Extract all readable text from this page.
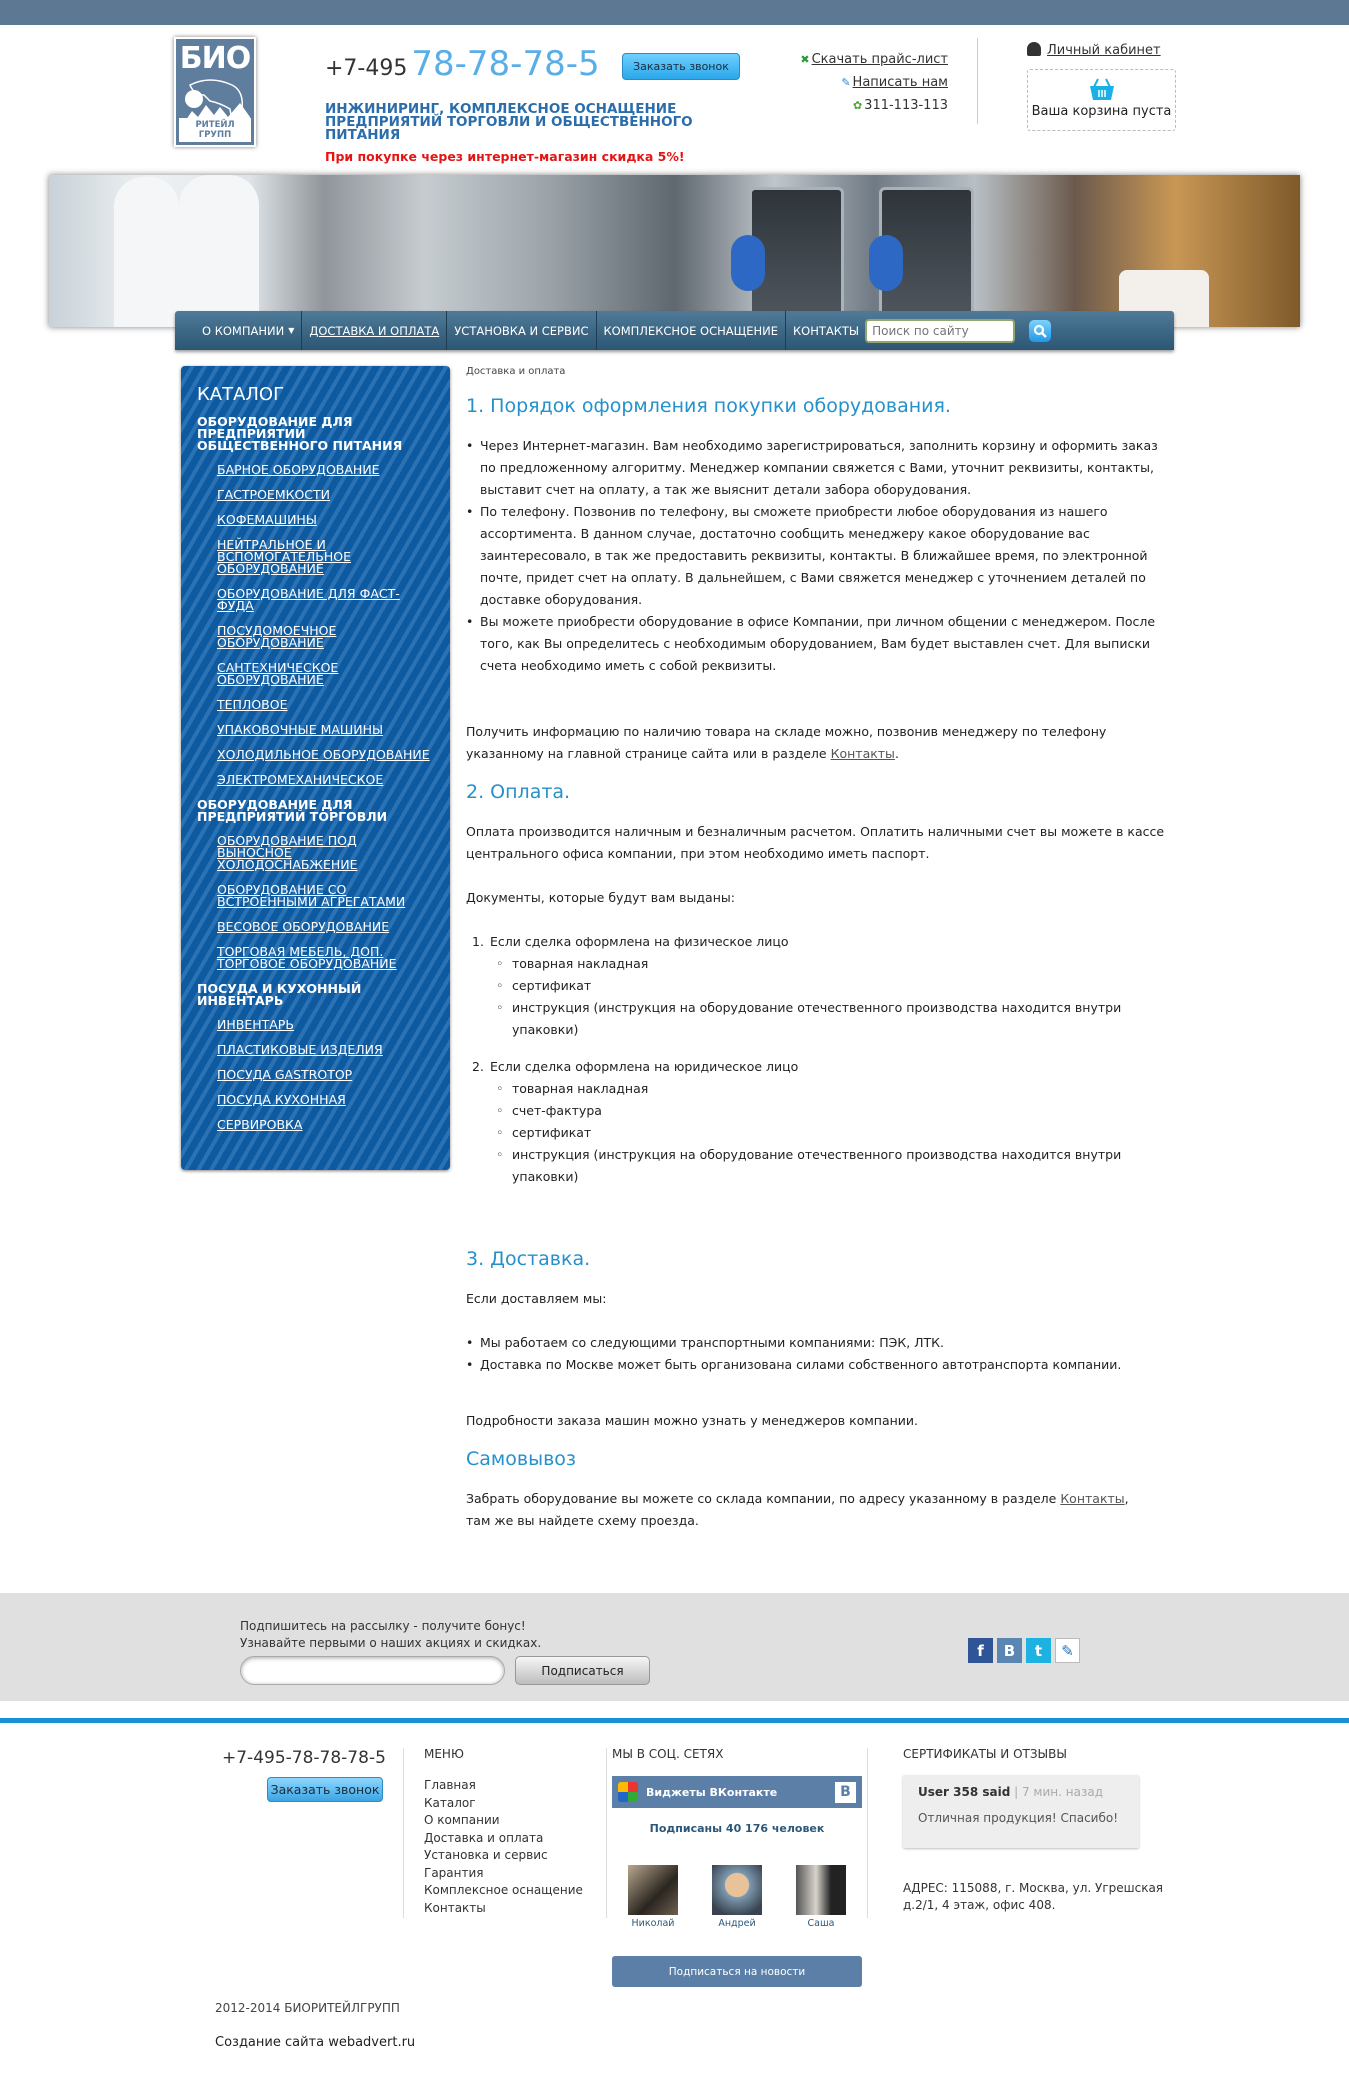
БИО
РИТЕЙЛ ГРУПП
+7-495 78-78-78-5	Заказать звонок
ИНЖИНИРИНГ, КОМПЛЕКСНОЕ ОСНАЩЕНИЕ ПРЕДПРИЯТИЙ ТОРГОВЛИ И ОБЩЕСТВЕННОГО ПИТАНИЯ
При покупке через интернет-магазин скидка 5%!
✖ Скачать прайс-лист
✎ Написать нам
✿ 311-113-113
Личный кабинет
Ваша корзина пуста
О КОМПАНИИ ▼ ДОСТАВКА И ОПЛАТА УСТАНОВКА И СЕРВИС КОМПЛЕКСНОЕ ОСНАЩЕНИЕ КОНТАКТЫ
Поиск по сайту
КАТАЛОГ
ОБОРУДОВАНИЕ ДЛЯ ПРЕДПРИЯТИЙ ОБЩЕСТВЕННОГО ПИТАНИЯ
БАРНОЕ ОБОРУДОВАНИЕ
ГАСТРОЕМКОСТИ
КОФЕМАШИНЫ
НЕЙТРАЛЬНОЕ И ВСПОМОГАТЕЛЬНОЕ ОБОРУДОВАНИЕ
ОБОРУДОВАНИЕ ДЛЯ ФАСТ-ФУДА
ПОСУДОМОЕЧНОЕ ОБОРУДОВАНИЕ
САНТЕХНИЧЕСКОЕ ОБОРУДОВАНИЕ
ТЕПЛОВОЕ
УПАКОВОЧНЫЕ МАШИНЫ
ХОЛОДИЛЬНОЕ ОБОРУДОВАНИЕ
ЭЛЕКТРОМЕХАНИЧЕСКОЕ
ОБОРУДОВАНИЕ ДЛЯ ПРЕДПРИЯТИЙ ТОРГОВЛИ
ОБОРУДОВАНИЕ ПОД ВЫНОСНОЕ ХОЛОДОСНАБЖЕНИЕ
ОБОРУДОВАНИЕ СО ВСТРОЕННЫМИ АГРЕГАТАМИ
ВЕСОВОЕ ОБОРУДОВАНИЕ
ТОРГОВАЯ МЕБЕЛЬ, ДОП. ТОРГОВОЕ ОБОРУДОВАНИЕ
ПОСУДА И КУХОННЫЙ ИНВЕНТАРЬ
ИНВЕНТАРЬ
ПЛАСТИКОВЫЕ ИЗДЕЛИЯ
ПОСУДА GASTROTOP
ПОСУДА КУХОННАЯ
СЕРВИРОВКА
Доставка и оплата
1. Порядок оформления покупки оборудования.
• Через Интернет-магазин. Вам необходимо зарегистрироваться, заполнить корзину и оформить заказ по предложенному алгоритму. Менеджер компании свяжется с Вами, уточнит реквизиты, контакты, выставит счет на оплату, а так же выяснит детали забора оборудования.
• По телефону. Позвонив по телефону, вы сможете приобрести любое оборудования из нашего ассортимента. В данном случае, достаточно сообщить менеджеру какое оборудование вас заинтересовало, в так же предоставить реквизиты, контакты. В ближайшее время, по электронной почте, придет счет на оплату. В дальнейшем, с Вами свяжется менеджер с уточнением деталей по доставке оборудования.
• Вы можете приобрести оборудование в офисе Компании, при личном общении с менеджером. После того, как Вы определитесь с необходимым оборудованием, Вам будет выставлен счет. Для выписки счета необходимо иметь с собой реквизиты.

Получить информацию по наличию товара на складе можно, позвонив менеджеру по телефону указанному на главной странице сайта или в разделе Контакты.

2. Оплата.

Оплата производится наличным и безналичным расчетом. Оплатить наличными счет вы можете в кассе центрального офиса компании, при этом необходимо иметь паспорт.

Документы, которые будут вам выданы:

1. Если сделка оформлена на физическое лицо
◦ товарная накладная
◦ сертификат
◦ инструкция (инструкция на оборудование отечественного производства находится внутри упаковки)
2. Если сделка оформлена на юридическое лицо
◦ товарная накладная
◦ счет-фактура
◦ сертификат
◦ инструкция (инструкция на оборудование отечественного производства находится внутри упаковки)
3. Доставка.

Если доставляем мы:

• Мы работаем со следующими транспортными компаниями: ПЭК, ЛТК.
• Доставка по Москве может быть организована силами собственного автотранспорта компании.

Подробности заказа машин можно узнать у менеджеров компании.

Самовывоз

Забрать оборудование вы можете со склада компании, по адресу указанному в разделе Контакты,
там же вы найдете схему проезда.

Подпишитесь на рассылку - получите бонус!
Узнавайте первыми о наших акциях и скидках.
Подписаться
f	B	t	✎
+7-495-78-78-78-5
Заказать звонок
МЕНЮ
Главная
Каталог
О компании
Доставка и оплата
Установка и сервис
Гарантия
Комплексное оснащение
Контакты
МЫ В СОЦ. СЕТЯХ
Виджеты ВКонтакте	B
Подписаны 40 176 человек
Николай	Андрей	Саша
Подписаться на новости
СЕРТИФИКАТЫ И ОТЗЫВЫ
User 358 said | 7 мин. назад
Отличная продукция! Спасибо!
АДРЕС: 115088, г. Москва, ул. Угрешская д.2/1, 4 этаж, офис 408.
2012-2014 БИОРИТЕЙЛГРУПП
Создание сайта webadvert.ru
